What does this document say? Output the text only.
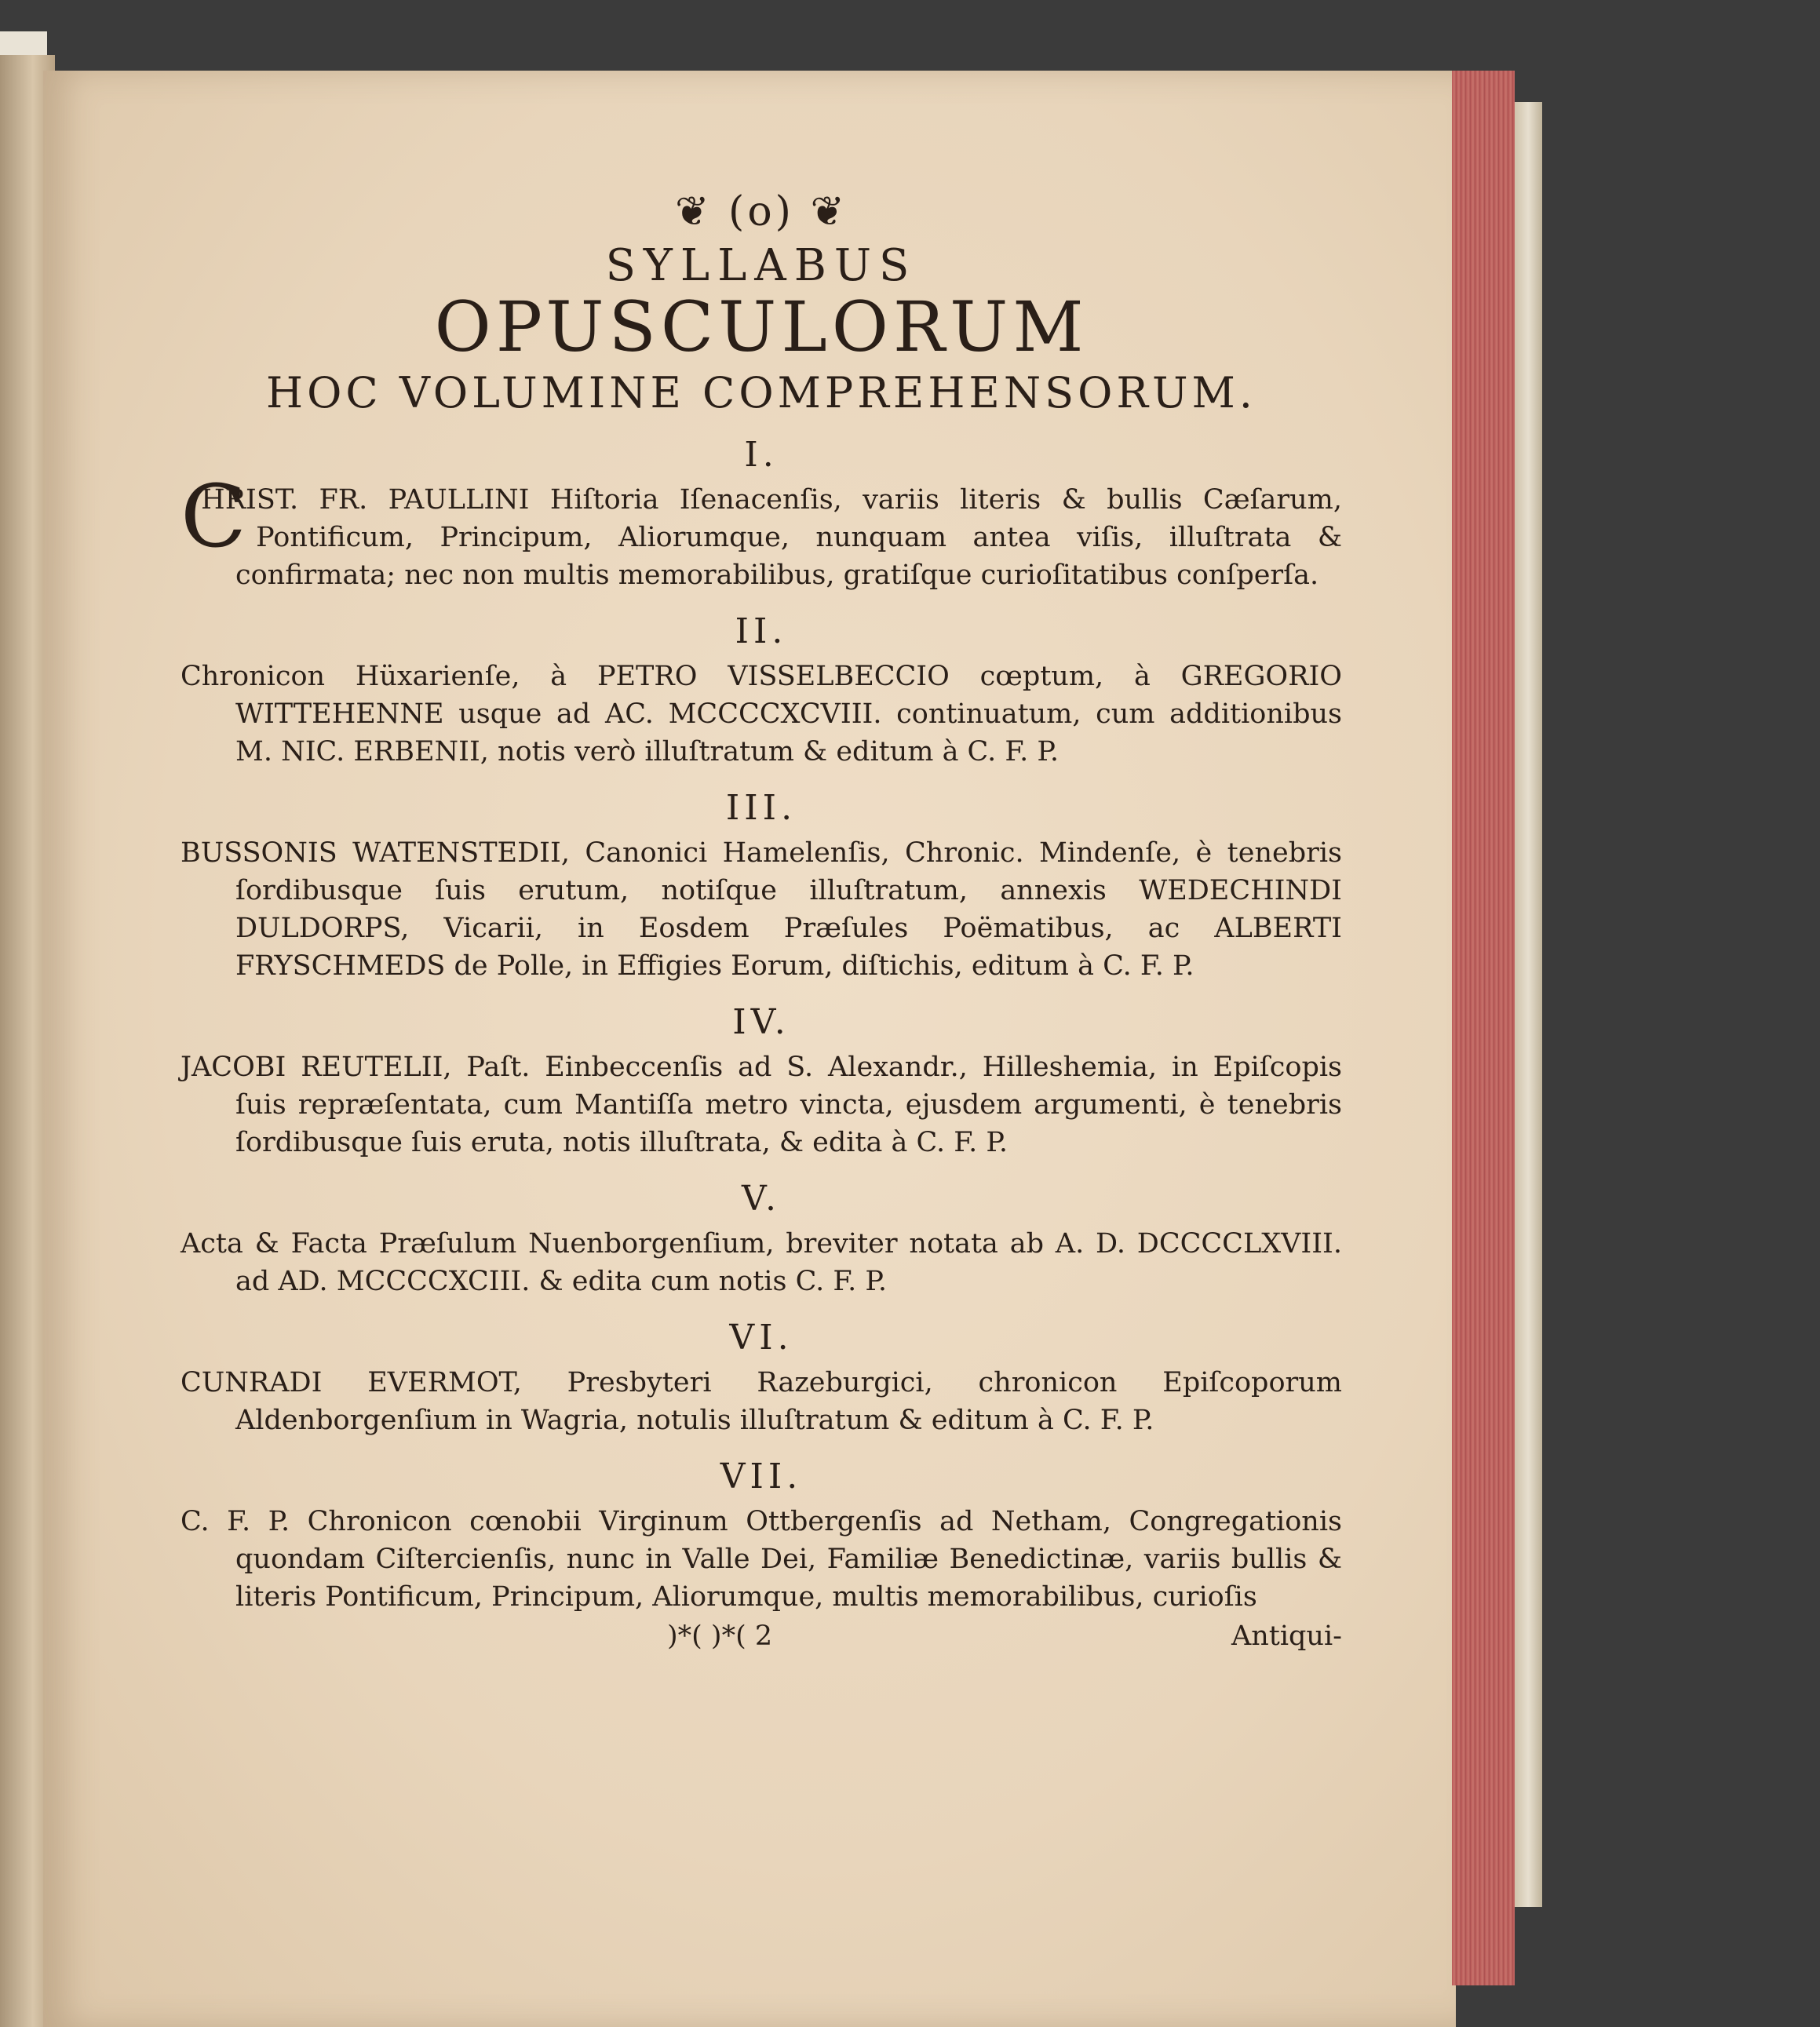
❦ (o) ❦
SYLLABUS
OPUSCULORUM
HOC VOLUMINE COMPREHENSORUM.
I.
CHRIST. FR. PAULLINI Hiſtoria Iſenacenſis, variis literis & bullis Cæſarum, Pontificum, Principum, Aliorumque, nunquam antea viſis, illuſtrata & confirmata; nec non multis memorabilibus, gratiſque curioſitatibus conſperſa.
II.
Chronicon Hüxarienſe, à PETRO VISSELBECCIO cœptum, à GREGORIO WITTEHENNE usque ad AC. MCCCCXCVIII. continuatum, cum additionibus M. NIC. ERBENII, notis verò illuſtratum & editum à C. F. P.
III.
BUSSONIS WATENSTEDII, Canonici Hamelenſis, Chronic. Mindenſe, è tenebris ſordibusque ſuis erutum, notiſque illuſtratum, annexis WEDECHINDI DULDORPS, Vicarii, in Eosdem Præſules Poëmatibus, ac ALBERTI FRYSCHMEDS de Polle, in Effigies Eorum, diſtichis, editum à C. F. P.
IV.
JACOBI REUTELII, Paſt. Einbeccenſis ad S. Alexandr., Hilleshemia, in Epiſcopis ſuis repræſentata, cum Mantiſſa metro vincta, ejusdem argumenti, è tenebris ſordibusque ſuis eruta, notis illuſtrata, & edita à C. F. P.
V.
Acta & Facta Præſulum Nuenborgenſium, breviter notata ab A. D. DCCCCLXVIII. ad AD. MCCCCXCIII. & edita cum notis C. F. P.
VI.
CUNRADI EVERMOT, Presbyteri Razeburgici, chronicon Epiſcoporum Aldenborgenſium in Wagria, notulis illuſtratum & editum à C. F. P.
VII.
C. F. P. Chronicon cœnobii Virginum Ottbergenſis ad Netham, Congregationis quondam Ciſtercienſis, nunc in Valle Dei, Familiæ Benedictinæ, variis bullis & literis Pontificum, Principum, Aliorumque, multis memorabilibus, curioſis
)*( )*( 2	Antiqui-
